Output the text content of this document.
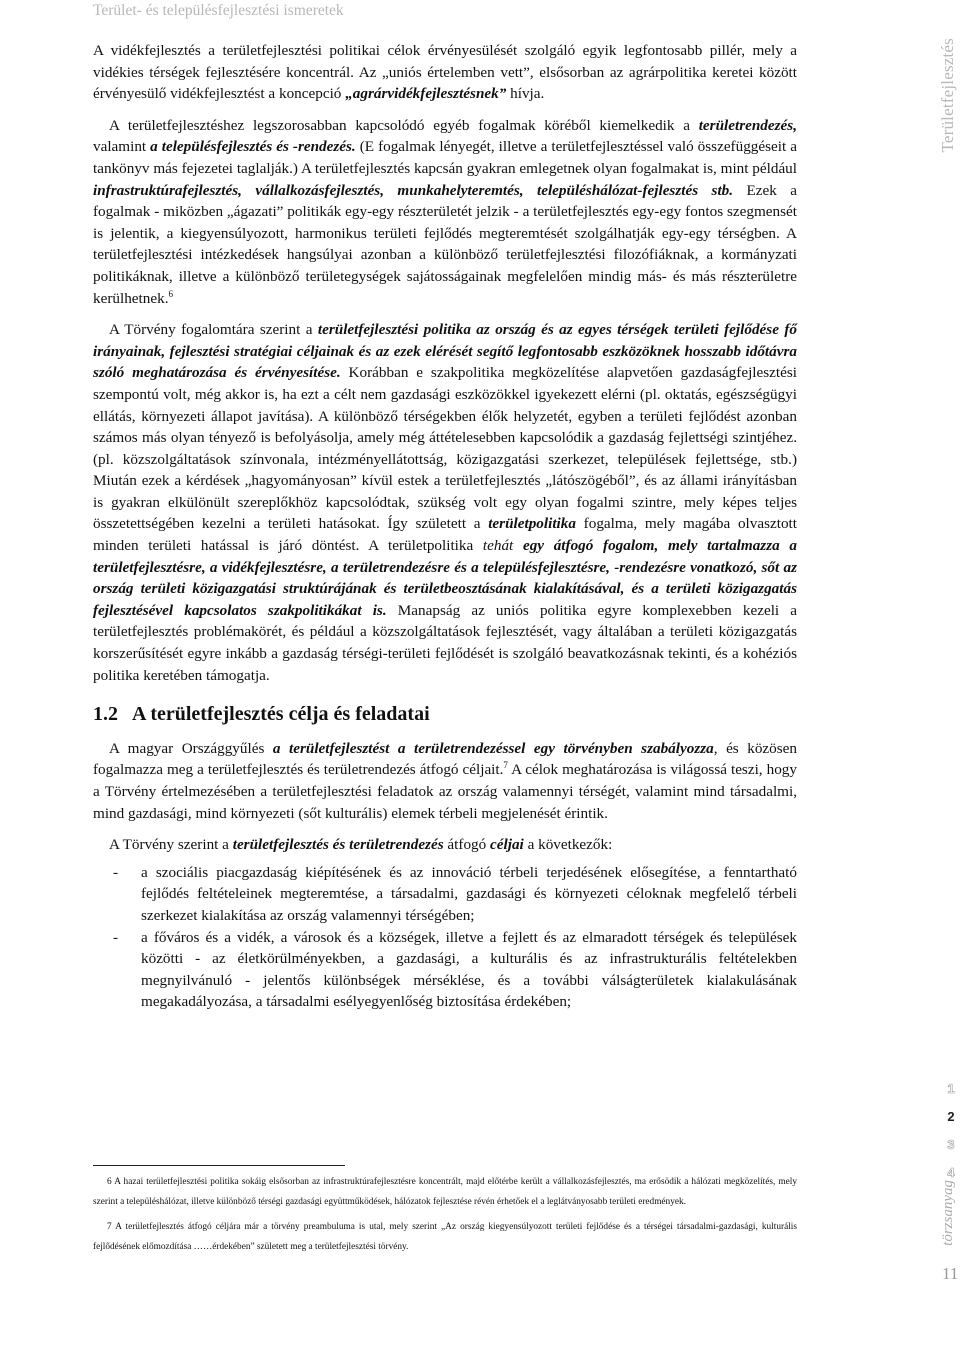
Terület- és településfejlesztési ismeretek
Területfejlesztés
1
2
3
4
törzsanyag
11

A vidékfejlesztés a területfejlesztési politikai célok érvényesülését szolgáló egyik legfontosabb pillér, mely a vidékies térségek fejlesztésére koncentrál. Az „uniós értelemben vett”, elsősorban az agrárpolitika keretei között érvényesülő vidékfejlesztést a koncepció „agrárvidékfejlesztésnek” hívja.

A területfejlesztéshez legszorosabban kapcsolódó egyéb fogalmak köréből kiemelkedik a területrendezés, valamint a településfejlesztés és -rendezés. (E fogalmak lényegét, illetve a területfejlesztéssel való összefüggéseit a tankönyv más fejezetei taglalják.) A területfejlesztés kapcsán gyakran emlegetnek olyan fogalmakat is, mint például infrastruktúrafejlesztés, vállalkozásfejlesztés, munkahelyteremtés, településhálózat-fejlesztés stb. Ezek a fogalmak - miközben „ágazati” politikák egy-egy részterületét jelzik - a területfejlesztés egy-egy fontos szegmensét is jelentik, a kiegyensúlyozott, harmonikus területi fejlődés megteremtését szolgálhatják egy-egy térségben. A területfejlesztési intézkedések hangsúlyai azonban a különböző területfejlesztési filozófiáknak, a kormányzati politikáknak, illetve a különböző területegységek sajátosságainak megfelelően mindig más- és más részterületre kerülhetnek.$^6$

A Törvény fogalomtára szerint a területfejlesztési politika az ország és az egyes térségek területi fejlődése fő irányainak, fejlesztési stratégiai céljainak és az ezek elérését segítő legfontosabb eszközöknek hosszabb időtávra szóló meghatározása és érvényesítése. Korábban e szakpolitika megközelítése alapvetően gazdaságfejlesztési szempontú volt, még akkor is, ha ezt a célt nem gazdasági eszközökkel igyekezett elérni (pl. oktatás, egészségügyi ellátás, környezeti állapot javítása). A különböző térségekben élők helyzetét, egyben a területi fejlődést azonban számos más olyan tényező is befolyásolja, amely még áttételesebben kapcsolódik a gazdaság fejlettségi szintjéhez. (pl. közszolgáltatások színvonala, intézményellátottság, közigazgatási szerkezet, települések fejlettsége, stb.) Miután ezek a kérdések „hagyományosan” kívül estek a területfejlesztés „látószögéből”, és az állami irányításban is gyakran elkülönült szereplőkhöz kapcsolódtak, szükség volt egy olyan fogalmi szintre, mely képes teljes összetettségében kezelni a területi hatásokat. Így született a területpolitika fogalma, mely magába olvasztott minden területi hatással is járó döntést. A területpolitika tehát egy átfogó fogalom, mely tartalmazza a területfejlesztésre, a vidékfejlesztésre, a területrendezésre és a településfejlesztésre, -rendezésre vonatkozó, sőt az ország területi közigazgatási struktúrájának és területbeosztásának kialakításával, és a területi közigazgatás fejlesztésével kapcsolatos szakpolitikákat is. Manapság az uniós politika egyre komplexebben kezeli a területfejlesztés problémakörét, és például a közszolgáltatások fejlesztését, vagy általában a területi közigazgatás korszerűsítését egyre inkább a gazdaság térségi-területi fejlődését is szolgáló beavatkozásnak tekinti, és a kohéziós politika keretében támogatja.

1.2 A területfejlesztés célja és feladatai

A magyar Országgyűlés a területfejlesztést a területrendezéssel egy törvényben szabályozza, és közösen fogalmazza meg a területfejlesztés és területrendezés átfogó céljait.$^7$ A célok meghatározása is világossá teszi, hogy a Törvény értelmezésében a területfejlesztési feladatok az ország valamennyi térségét, valamint mind társadalmi, mind gazdasági, mind környezeti (sőt kulturális) elemek térbeli megjelenését érintik.

A Törvény szerint a területfejlesztés és területrendezés átfogó céljai a következők:

- a szociális piacgazdaság kiépítésének és az innováció térbeli terjedésének elősegítése, a fenntartható fejlődés feltételeinek megteremtése, a társadalmi, gazdasági és környezeti céloknak megfelelő térbeli szerkezet kialakítása az ország valamennyi térségében;
- a főváros és a vidék, a városok és a községek, illetve a fejlett és az elmaradott térségek és települések közötti - az életkörülményekben, a gazdasági, a kulturális és az infrastrukturális feltételekben megnyilvánuló - jelentős különbségek mérséklése, és a további válságterületek kialakulásának megakadályozása, a társadalmi esélyegyenlőség biztosítása érdekében;

6 A hazai területfejlesztési politika sokáig elsősorban az infrastruktúrafejlesztésre koncentrált, majd előtérbe került a vállalkozásfejlesztés, ma erősödik a hálózati megközelítés, mely szerint a településhálózat, illetve különböző térségi gazdasági együttműködések, hálózatok fejlesztése révén érhetőek el a leglátványosabb területi eredmények.

7 A területfejlesztés átfogó céljára már a törvény preambuluma is utal, mely szerint „Az ország kiegyensúlyozott területi fejlődése és a térségei társadalmi-gazdasági, kulturális fejlődésének előmozdítása ……érdekében” született meg a területfejlesztési törvény.
